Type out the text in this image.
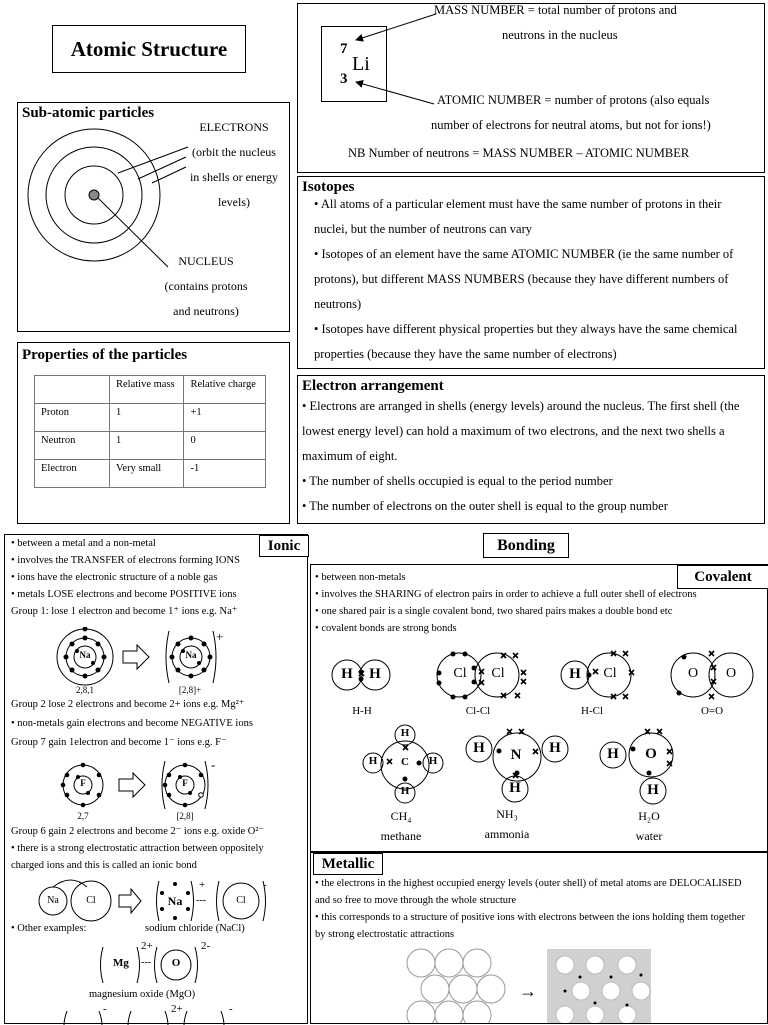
Atomic Structure	7
Li
3
MASS NUMBER = total number of protons and
neutrons in the nucleus
ATOMIC NUMBER = number of protons (also equals
number of electrons for neutral atoms, but not for ions!)
NB Number of neutrons = MASS NUMBER – ATOMIC NUMBER
Sub-atomic particles
ELECTRONS
(orbit the nucleus
in shells or energy
levels)
NUCLEUS
(contains protons
and neutrons)
Isotopes
• All atoms of a particular element must have the same number of protons in their nuclei, but the number of neutrons can vary
• Isotopes of an element have the same ATOMIC NUMBER (ie the same number of protons), but different MASS NUMBERS (because they have different numbers of neutrons)
• Isotopes have different physical properties but they always have the same chemical properties (because they have the same number of electrons)
Properties of the particles
	Relative mass	Relative charge
Proton	1	+1
Neutron	1	0
Electron	Very small	-1
Electron arrangement
• Electrons are arranged in shells (energy levels) around the nucleus. The first shell (the lowest energy level) can hold a maximum of two electrons, and the next two shells a maximum of eight.
• The number of shells occupied is equal to the period number
• The number of electrons on the outer shell is equal to the group number
Ionic
• between a metal and a non-metal
• involves the TRANSFER of electrons forming IONS
• ions have the electronic structure of a noble gas
• metals LOSE electrons and become POSITIVE ions
Group 1: lose 1 electron and become 1⁺ ions e.g. Na⁺
Na	Na
+
2,8,1	[2,8]+
Group 2 lose 2 electrons and become 2+ ions e.g. Mg²⁺
• non-metals gain electrons and become NEGATIVE ions
Group 7 gain 1electron and become 1⁻ ions e.g. F⁻
F	F
-
2,7	[2,8]
Group 6 gain 2 electrons and become 2⁻ ions e.g. oxide O²⁻
• there is a strong electrostatic attraction between oppositely
charged ions and this is called an ionic bond
Na	Cl	Na ---	Cl
+	-
• Other examples:	sodium chloride (NaCl)
Mg	---	O
2+	2-
magnesium oxide (MgO)
-	2+	-
Bonding
Covalent
• between non-metals
• involves the SHARING of electron pairs in order to achieve a full outer shell of electrons
• one shared pair is a single covalent bond, two shared pairs makes a double bond etc
• covalent bonds are strong bonds
H H	Cl	Cl	H	Cl	O O
H-H	Cl-Cl	H-Cl	O=O
C
H
H
H	H
CH₄
methane
N
H	H
H
NH₃
ammonia
O
H
H
H₂O
water
Metallic
• the electrons in the highest occupied energy levels (outer shell) of metal atoms are DELOCALISED and so free to move through the whole structure
• this corresponds to a structure of positive ions with electrons between the ions holding them together by strong electrostatic attractions
→
